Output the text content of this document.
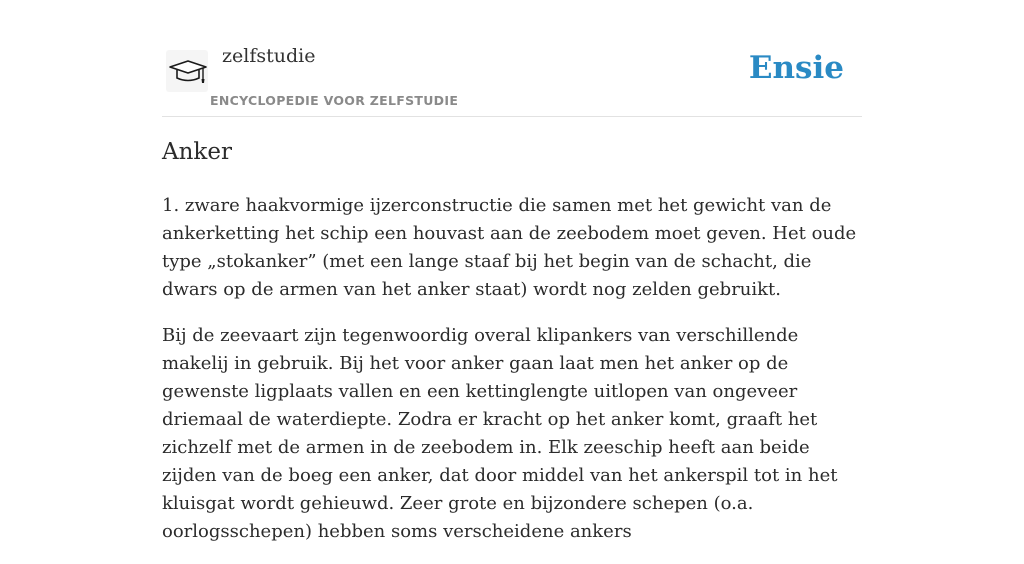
zelfstudie
ENCYCLOPEDIE VOOR ZELFSTUDIE
Ensie
Anker

1. zware haakvormige ijzerconstructie die samen met het gewicht van de ankerketting het schip een houvast aan de zeebodem moet geven. Het oude type „stokanker” (met een lange staaf bij het begin van de schacht, die dwars op de armen van het anker staat) wordt nog zelden gebruikt.

Bij de zeevaart zijn tegenwoordig overal klipankers van verschillende makelij in gebruik. Bij het voor anker gaan laat men het anker op de gewenste ligplaats vallen en een kettinglengte uitlopen van ongeveer driemaal de waterdiepte. Zodra er kracht op het anker komt, graaft het zichzelf met de armen in de zeebodem in. Elk zeeschip heeft aan beide zijden van de boeg een anker, dat door middel van het ankerspil tot in het kluisgat wordt gehieuwd. Zeer grote en bijzondere schepen (o.a. oorlogsschepen) hebben soms verscheidene ankers
